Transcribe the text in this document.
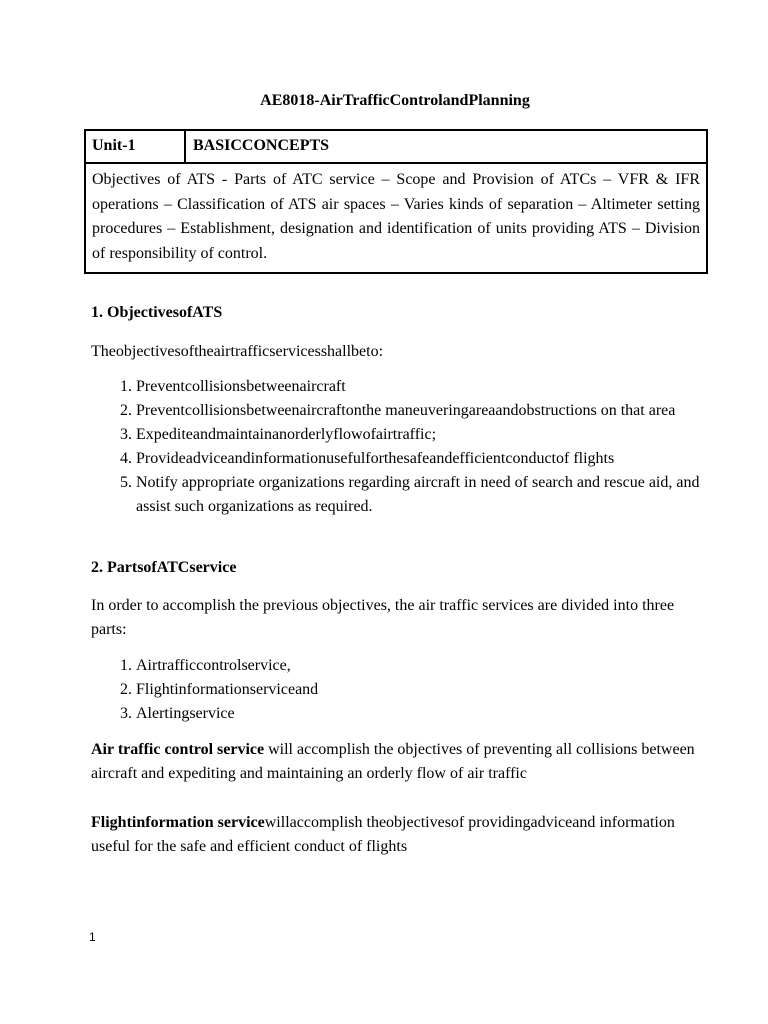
AE8018-AirTrafficControlandPlanning
Unit-1	BASICCONCEPTS
Objectives of ATS - Parts of ATC service – Scope and Provision of ATCs – VFR & IFR operations – Classification of ATS air spaces – Varies kinds of separation – Altimeter setting procedures – Establishment, designation and identification of units providing ATS – Division of responsibility of control.
1. ObjectivesofATS
Theobjectivesoftheairtrafficservicesshallbeto:
1. Preventcollisionsbetweenaircraft
2. Preventcollisionsbetweenaircraftonthe maneuveringareaandobstructions on that area
3. Expediteandmaintainanorderlyflowofairtraffic;
4. Provideadviceandinformationusefulforthesafeandefficientconductof flights
5. Notify appropriate organizations regarding aircraft in need of search and rescue aid, and assist such organizations as required.
2. PartsofATCservice
In order to accomplish the previous objectives, the air traffic services are divided into three parts:
1. Airtrafficcontrolservice,
2. Flightinformationserviceand
3. Alertingservice
Air traffic control service will accomplish the objectives of preventing all collisions between aircraft and expediting and maintaining an orderly flow of air traffic
Flightinformation servicewillaccomplish theobjectivesof providingadviceand information useful for the safe and efficient conduct of flights
1
